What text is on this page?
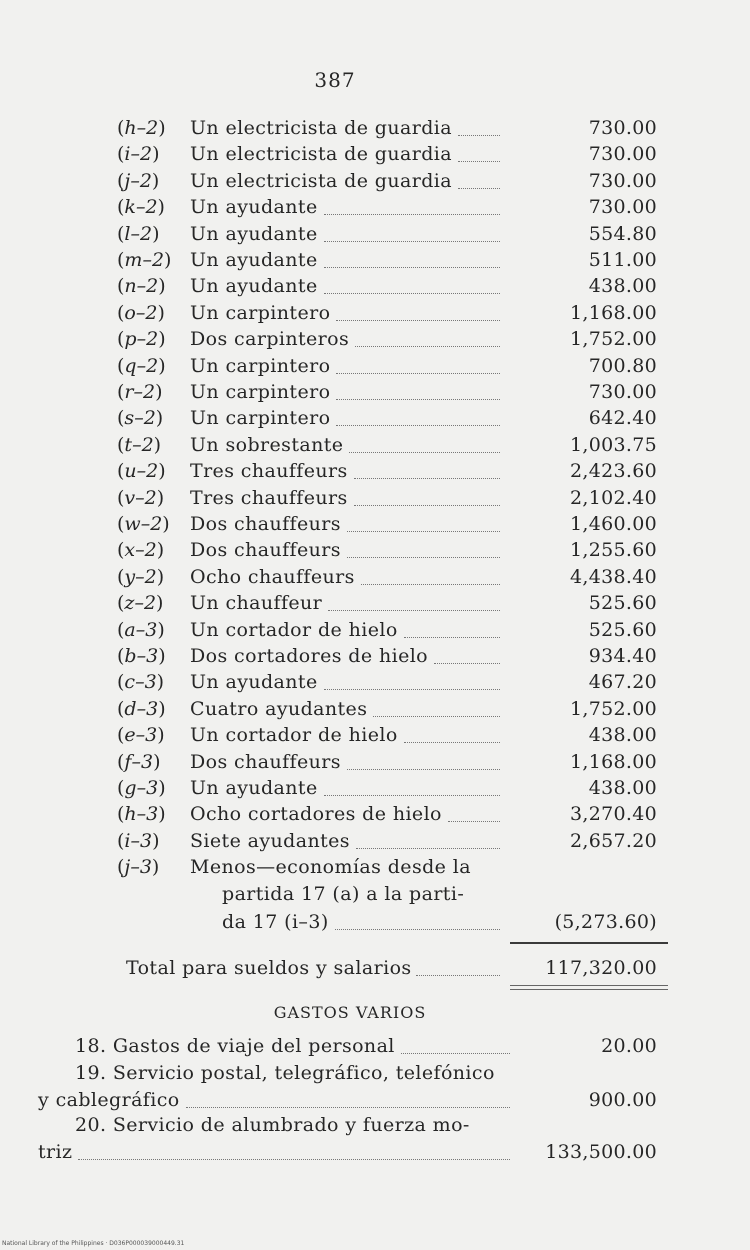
387
(h–2) Un electricista de guardia	730.00
(i–2) Un electricista de guardia	730.00
(j–2) Un electricista de guardia	730.00
(k–2) Un ayudante	730.00
(l–2) Un ayudante	554.80
(m–2) Un ayudante	511.00
(n–2) Un ayudante	438.00
(o–2) Un carpintero	1,168.00
(p–2) Dos carpinteros	1,752.00
(q–2) Un carpintero	700.80
(r–2) Un carpintero	730.00
(s–2) Un carpintero	642.40
(t–2) Un sobrestante	1,003.75
(u–2) Tres chauffeurs	2,423.60
(v–2) Tres chauffeurs	2,102.40
(w–2) Dos chauffeurs	1,460.00
(x–2) Dos chauffeurs	1,255.60
(y–2) Ocho chauffeurs	4,438.40
(z–2) Un chauffeur	525.60
(a–3) Un cortador de hielo	525.60
(b–3) Dos cortadores de hielo	934.40
(c–3) Un ayudante	467.20
(d–3) Cuatro ayudantes	1,752.00
(e–3) Un cortador de hielo	438.00
(f–3) Dos chauffeurs	1,168.00
(g–3) Un ayudante	438.00
(h–3) Ocho cortadores de hielo	3,270.40
(i–3) Siete ayudantes	2,657.20
(j–3) Menos—economías desde la
partida 17 (a) a la parti-
da 17 (i–3)	(5,273.60)
Total para sueldos y salarios	117,320.00
GASTOS VARIOS
18. Gastos de viaje del personal	20.00
19. Servicio postal, telegráfico, telefónico
y cablegráfico	900.00
20. Servicio de alumbrado y fuerza mo-
triz	133,500.00
National Library of the Philippines · D036P000039000449.31
